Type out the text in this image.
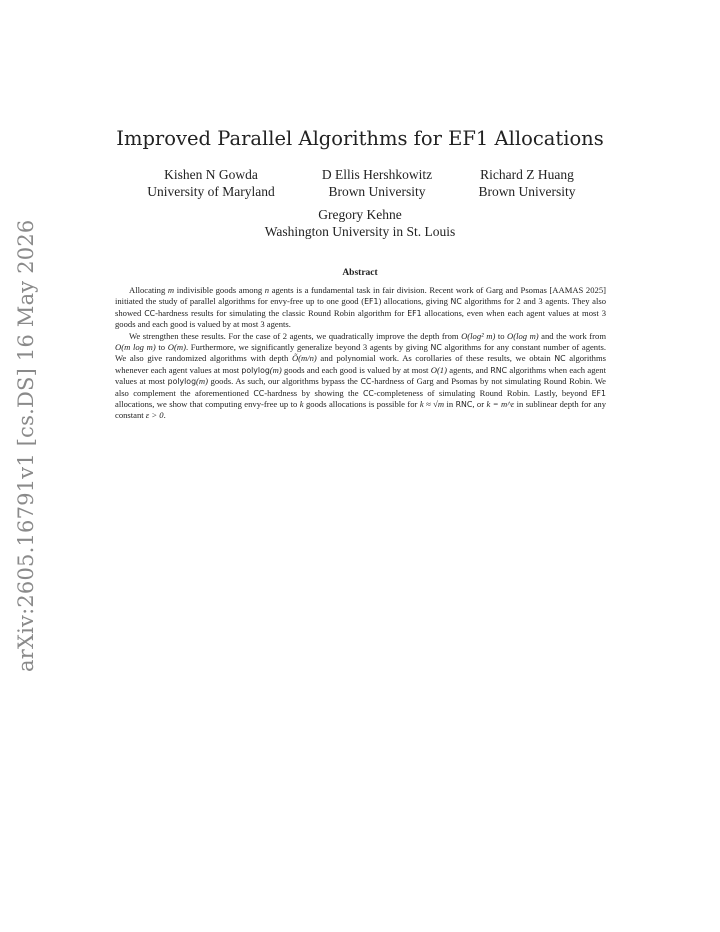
arXiv:2605.16791v1 [cs.DS] 16 May 2026
Improved Parallel Algorithms for EF1 Allocations
Kishen N Gowda
University of Maryland
D Ellis Hershkowitz
Brown University
Richard Z Huang
Brown University
Gregory Kehne
Washington University in St. Louis
Abstract

Allocating m indivisible goods among n agents is a fundamental task in fair division. Recent work of Garg and Psomas [AAMAS 2025] initiated the study of parallel algorithms for envy-free up to one good (EF1) allocations, giving NC algorithms for 2 and 3 agents. They also showed CC-hardness results for simulating the classic Round Robin algorithm for EF1 allocations, even when each agent values at most 3 goods and each good is valued by at most 3 agents.

We strengthen these results. For the case of 2 agents, we quadratically improve the depth from O(log² m) to O(log m) and the work from O(m log m) to O(m). Furthermore, we significantly generalize beyond 3 agents by giving NC algorithms for any constant number of agents. We also give randomized algorithms with depth Õ(m/n) and polynomial work. As corollaries of these results, we obtain NC algorithms whenever each agent values at most polylog(m) goods and each good is valued by at most O(1) agents, and RNC algorithms when each agent values at most polylog(m) goods. As such, our algorithms bypass the CC-hardness of Garg and Psomas by not simulating Round Robin. We also complement the aforementioned CC-hardness by showing the CC-completeness of simulating Round Robin. Lastly, beyond EF1 allocations, we show that computing envy-free up to k goods allocations is possible for k ≈ √m in RNC, or k = m^ε in sublinear depth for any constant ε > 0.
